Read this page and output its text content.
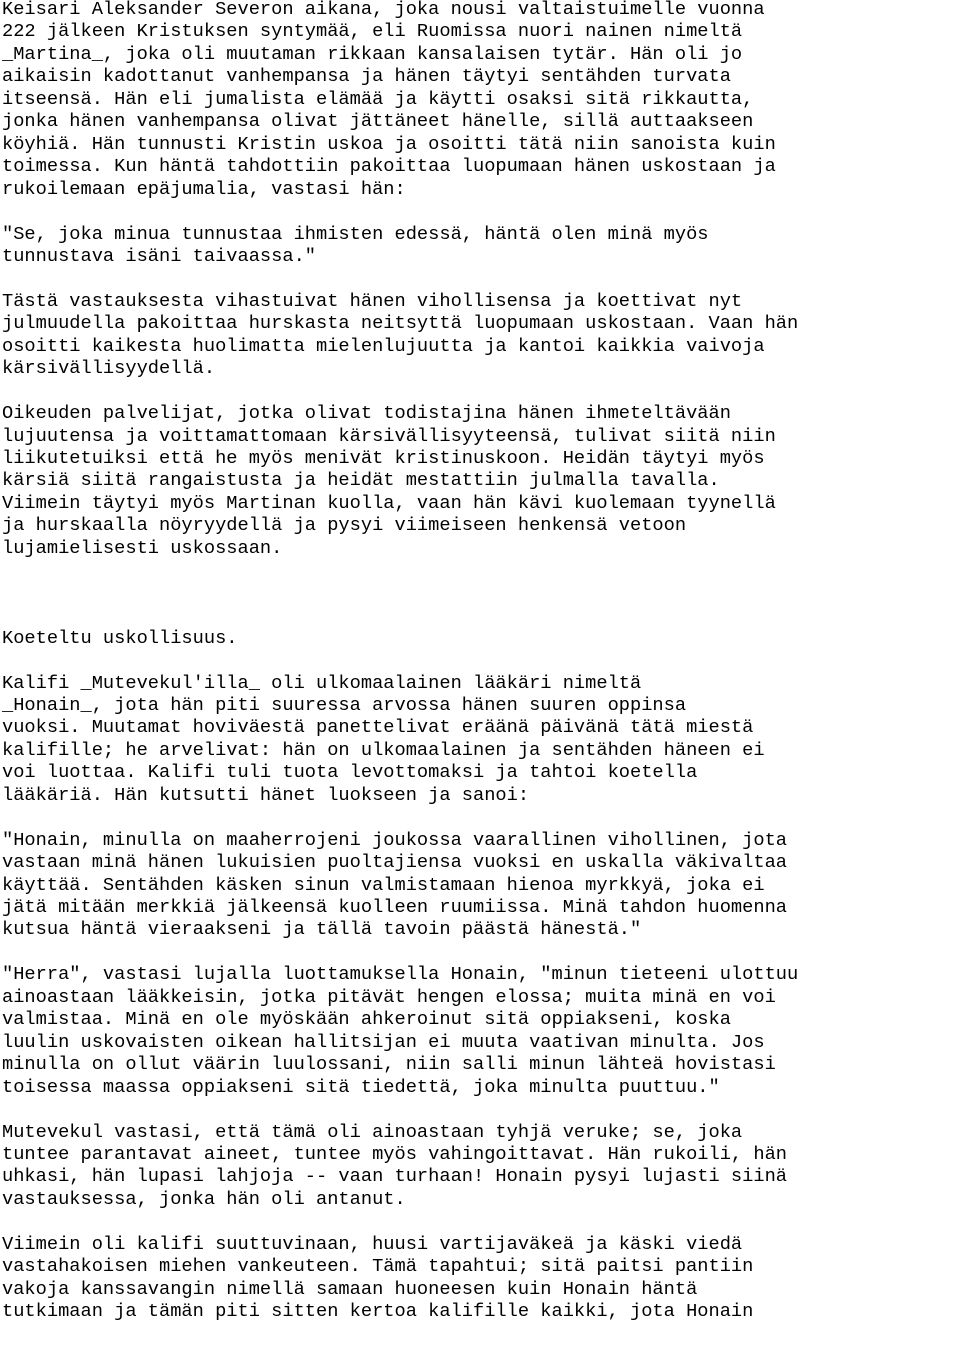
Keisari Aleksander Severon aikana, joka nousi valtaistuimelle vuonna
222 jälkeen Kristuksen syntymää, eli Ruomissa nuori nainen nimeltä
_Martina_, joka oli muutaman rikkaan kansalaisen tytär. Hän oli jo
aikaisin kadottanut vanhempansa ja hänen täytyi sentähden turvata
itseensä. Hän eli jumalista elämää ja käytti osaksi sitä rikkautta,
jonka hänen vanhempansa olivat jättäneet hänelle, sillä auttaakseen
köyhiä. Hän tunnusti Kristin uskoa ja osoitti tätä niin sanoista kuin
toimessa. Kun häntä tahdottiin pakoittaa luopumaan hänen uskostaan ja
rukoilemaan epäjumalia, vastasi hän:

"Se, joka minua tunnustaa ihmisten edessä, häntä olen minä myös
tunnustava isäni taivaassa."

Tästä vastauksesta vihastuivat hänen vihollisensa ja koettivat nyt
julmuudella pakoittaa hurskasta neitsyttä luopumaan uskostaan. Vaan hän
osoitti kaikesta huolimatta mielenlujuutta ja kantoi kaikkia vaivoja
kärsivällisyydellä.

Oikeuden palvelijat, jotka olivat todistajina hänen ihmeteltävään
lujuutensa ja voittamattomaan kärsivällisyyteensä, tulivat siitä niin
liikutetuiksi että he myös menivät kristinuskoon. Heidän täytyi myös
kärsiä siitä rangaistusta ja heidät mestattiin julmalla tavalla.
Viimein täytyi myös Martinan kuolla, vaan hän kävi kuolemaan tyynellä
ja hurskaalla nöyryydellä ja pysyi viimeiseen henkensä vetoon
lujamielisesti uskossaan.

Koeteltu uskollisuus.

Kalifi _Mutevekul'illa_ oli ulkomaalainen lääkäri nimeltä
_Honain_, jota hän piti suuressa arvossa hänen suuren oppinsa
vuoksi. Muutamat hoviväestä panettelivat eräänä päivänä tätä miestä
kalifille; he arvelivat: hän on ulkomaalainen ja sentähden häneen ei
voi luottaa. Kalifi tuli tuota levottomaksi ja tahtoi koetella
lääkäriä. Hän kutsutti hänet luokseen ja sanoi:

"Honain, minulla on maaherrojeni joukossa vaarallinen vihollinen, jota
vastaan minä hänen lukuisien puoltajiensa vuoksi en uskalla väkivaltaa
käyttää. Sentähden käsken sinun valmistamaan hienoa myrkkyä, joka ei
jätä mitään merkkiä jälkeensä kuolleen ruumiissa. Minä tahdon huomenna
kutsua häntä vieraakseni ja tällä tavoin päästä hänestä."

"Herra", vastasi lujalla luottamuksella Honain, "minun tieteeni ulottuu
ainoastaan lääkkeisin, jotka pitävät hengen elossa; muita minä en voi
valmistaa. Minä en ole myöskään ahkeroinut sitä oppiakseni, koska
luulin uskovaisten oikean hallitsijan ei muuta vaativan minulta. Jos
minulla on ollut väärin luulossani, niin salli minun lähteä hovistasi
toisessa maassa oppiakseni sitä tiedettä, joka minulta puuttuu."

Mutevekul vastasi, että tämä oli ainoastaan tyhjä veruke; se, joka
tuntee parantavat aineet, tuntee myös vahingoittavat. Hän rukoili, hän
uhkasi, hän lupasi lahjoja -- vaan turhaan! Honain pysyi lujasti siinä
vastauksessa, jonka hän oli antanut.

Viimein oli kalifi suuttuvinaan, huusi vartijaväkeä ja käski viedä
vastahakoisen miehen vankeuteen. Tämä tapahtui; sitä paitsi pantiin
vakoja kanssavangin nimellä samaan huoneesen kuin Honain häntä
tutkimaan ja tämän piti sitten kertoa kalifille kaikki, jota Honain
